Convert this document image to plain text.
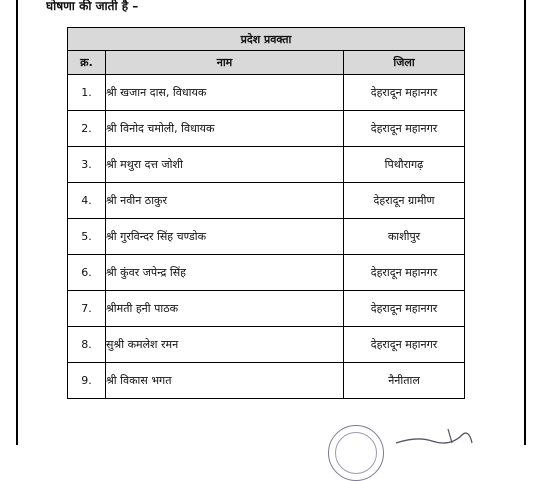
घोषणा की जाती है –
प्रदेश प्रवक्ता		
क्र.	नाम	जिला
1.	श्री खजान दास, विधायक	देहरादून महानगर
2.	श्री विनोद चमोली, विधायक	देहरादून महानगर
3.	श्री मथुरा दत्त जोशी	पिथौरागढ़
4.	श्री नवीन ठाकुर	देहरादून ग्रामीण
5.	श्री गुरविन्दर सिंह चण्डोक	काशीपुर
6.	श्री कुंवर जपेन्द्र सिंह	देहरादून महानगर
7.	श्रीमती हनी पाठक	देहरादून महानगर
8.	सुश्री कमलेश रमन	देहरादून महानगर
9.	श्री विकास भगत	नैनीताल
